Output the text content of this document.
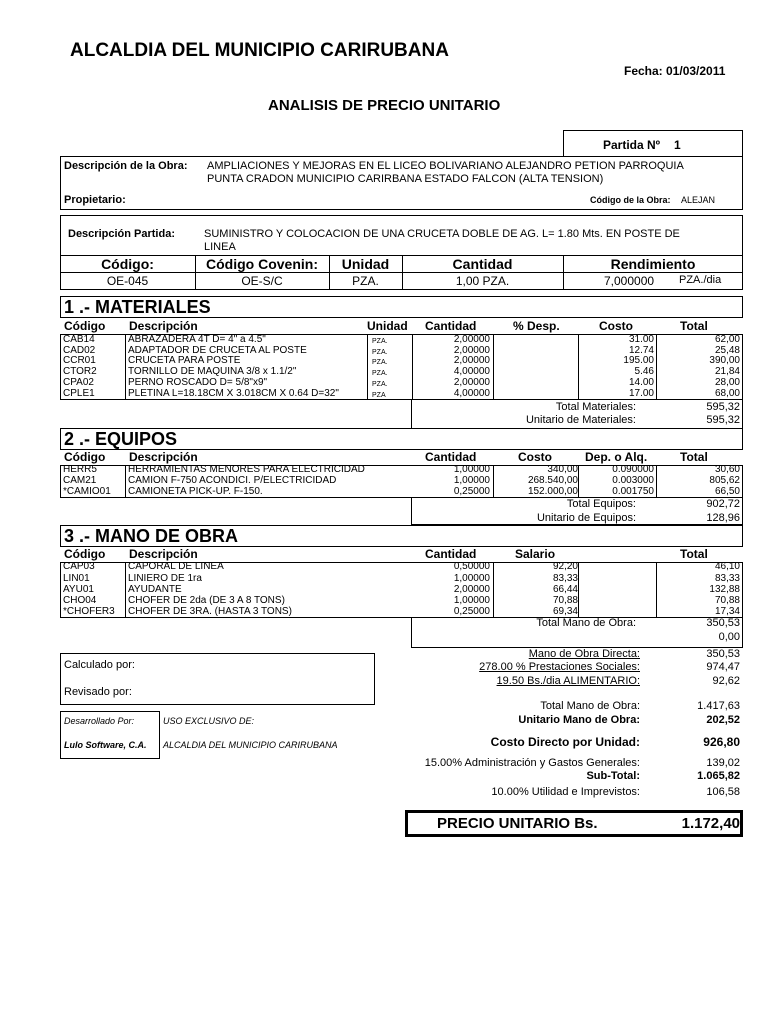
ALCALDIA DEL MUNICIPIO CARIRUBANA
Fecha: 01/03/2011
ANALISIS DE PRECIO UNITARIO
Partida Nº 1
Descripción de la Obra: AMPLIACIONES Y MEJORAS EN EL LICEO BOLIVARIANO ALEJANDRO PETION PARROQUIA
PUNTA CRADON MUNICIPIO CARIRBANA ESTADO FALCON (ALTA TENSION)
Propietario:	Código de la Obra: ALEJAN
Descripción Partida:	SUMINISTRO Y COLOCACION DE UNA CRUCETA DOBLE DE AG. L= 1.80 Mts. EN POSTE DE
LINEA
Código:	Código Covenin:	Unidad	Cantidad	Rendimiento
OE-045	OE-S/C	PZA.	1,00 PZA.	7,000000 PZA./dia
1 .- MATERIALES
Código Descripción	Unidad Cantidad	% Desp.	Costo	Total
CAB14	ABRAZADERA 4T D= 4" a 4.5"	PZA.	2,00000	31.00	62,00
CAD02	ADAPTADOR DE CRUCETA AL POSTE	PZA.	2,00000	12.74	25,48
CCR01	CRUCETA PARA POSTE	PZA.	2,00000	195.00	390,00
CTOR2	TORNILLO DE MAQUINA 3/8 x 1.1/2"	PZA.	4,00000	5.46	21,84
CPA02	PERNO ROSCADO D= 5/8"x9"	PZA.	2,00000	14.00	28,00
CPLE1	PLETINA L=18.18CM X 3.018CM X 0.64 D=32"	PZA	4,00000	17.00	68,00
Total Materiales:	595,32
Unitario de Materiales:	595,32
2 .- EQUIPOS
Código Descripción	Cantidad	Costo	Dep. o Alq.	Total
HERR5	HERRAMIENTAS MENORES PARA ELECTRICIDAD	1,00000	340,00	0.090000	30,60
CAM21	CAMION F-750 ACONDICI. P/ELECTRICIDAD	1,00000	268.540,00	0.003000	805,62
*CAMIO01 CAMIONETA PICK-UP. F-150.	0,25000	152.000,00	0.001750	66,50
Total Equipos:	902,72
Unitario de Equipos:	128,96
3 .- MANO DE OBRA
Código Descripción	Cantidad	Salario	Total
CAP03	CAPORAL DE LINEA	0,50000	92,20	46,10
LIN01	LINIERO DE 1ra	1,00000	83,33	83,33
AYU01	AYUDANTE	2,00000	66,44	132,88
CHO04	CHOFER DE 2da (DE 3 A 8 TONS)	1,00000	70,88	70,88
*CHOFER3 CHOFER DE 3RA. (HASTA 3 TONS)	0,25000	69,34	17,34
Total Mano de Obra:	350,53
0,00
Mano de Obra Directa:	350,53
278.00 % Prestaciones Sociales:	974,47
19.50 Bs./dia ALIMENTARIO:	92,62
Calculado por:
Revisado por:
Total Mano de Obra:	1.417,63
Unitario Mano de Obra:	202,52
Desarrollado Por:
Lulo Software, C.A.
USO EXCLUSIVO DE:
ALCALDIA DEL MUNICIPIO CARIRUBANA	Costo Directo por Unidad:	926,80
15.00% Administración y Gastos Generales:	139,02
Sub-Total:	1.065,82
10.00% Utilidad e Imprevistos:	106,58
PRECIO UNITARIO Bs.	1.172,40
